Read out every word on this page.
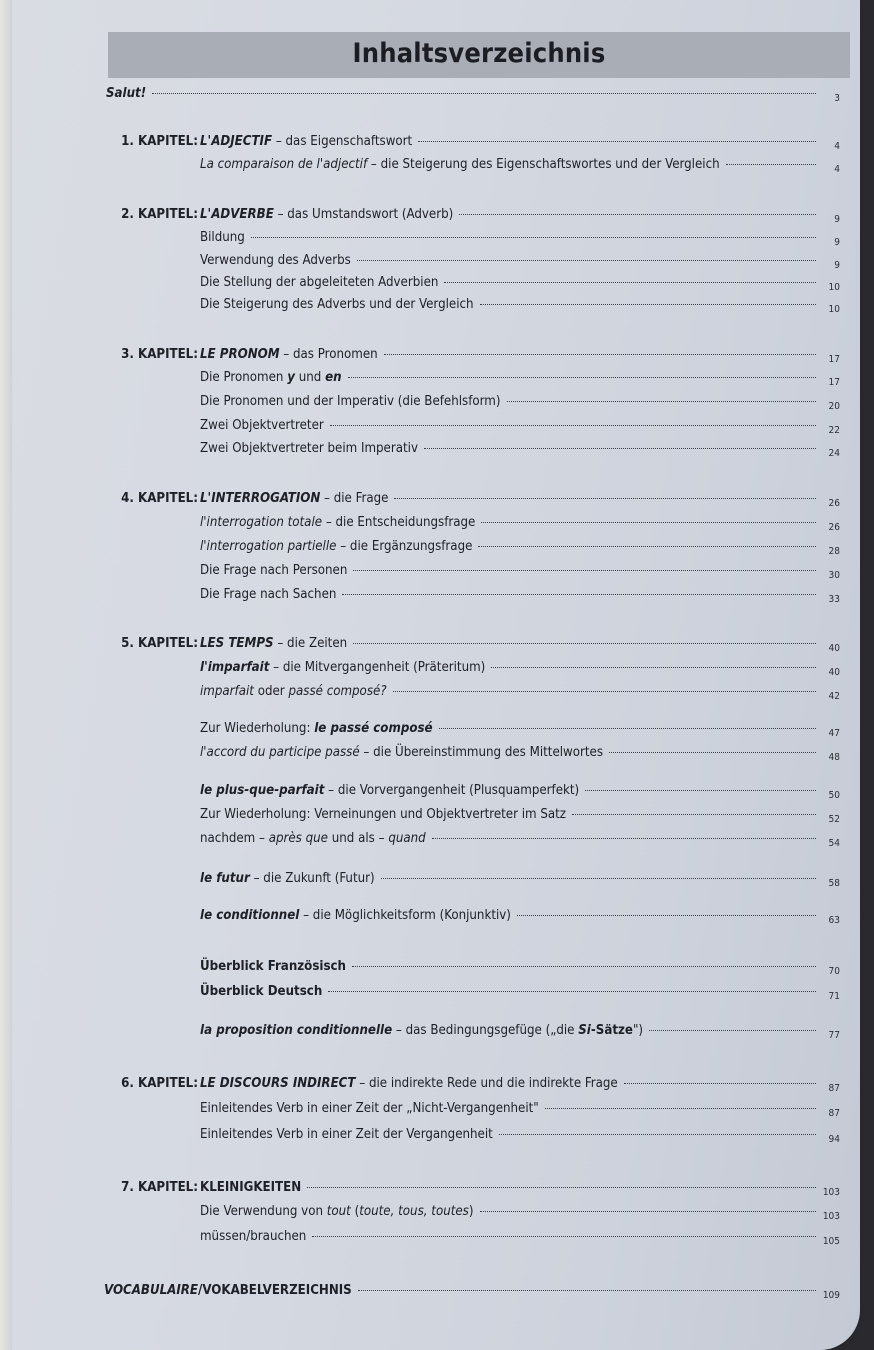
Inhaltsverzeichnis
Salut!	3
1. KAPITEL: L'ADJECTIF – das Eigenschaftswort	4
La comparaison de l'adjectif – die Steigerung des Eigenschaftswortes und der Vergleich	4
2. KAPITEL: L'ADVERBE – das Umstandswort (Adverb)	9
Bildung	9
Verwendung des Adverbs	9
Die Stellung der abgeleiteten Adverbien	10
Die Steigerung des Adverbs und der Vergleich	10
3. KAPITEL: LE PRONOM – das Pronomen	17
Die Pronomen y und en	17
Die Pronomen und der Imperativ (die Befehlsform)	20
Zwei Objektvertreter	22
Zwei Objektvertreter beim Imperativ	24
4. KAPITEL: L'INTERROGATION – die Frage	26
l'interrogation totale – die Entscheidungsfrage	26
l'interrogation partielle – die Ergänzungsfrage	28
Die Frage nach Personen	30
Die Frage nach Sachen	33
5. KAPITEL: LES TEMPS – die Zeiten	40
l'imparfait – die Mitvergangenheit (Präteritum)	40
imparfait oder passé composé?	42
Zur Wiederholung: le passé composé	47
l'accord du participe passé – die Übereinstimmung des Mittelwortes	48
le plus-que-parfait – die Vorvergangenheit (Plusquamperfekt)	50
Zur Wiederholung: Verneinungen und Objektvertreter im Satz	52
nachdem – après que und als – quand	54
le futur – die Zukunft (Futur)	58
le conditionnel – die Möglichkeitsform (Konjunktiv)	63
Überblick Französisch	70
Überblick Deutsch	71
la proposition conditionnelle – das Bedingungsgefüge („die Si-Sätze")	77
6. KAPITEL: LE DISCOURS INDIRECT – die indirekte Rede und die indirekte Frage	87
Einleitendes Verb in einer Zeit der „Nicht-Vergangenheit"	87
Einleitendes Verb in einer Zeit der Vergangenheit	94
7. KAPITEL: KLEINIGKEITEN	103
Die Verwendung von tout (toute, tous, toutes)	103
müssen/brauchen	105
VOCABULAIRE/VOKABELVERZEICHNIS	109
